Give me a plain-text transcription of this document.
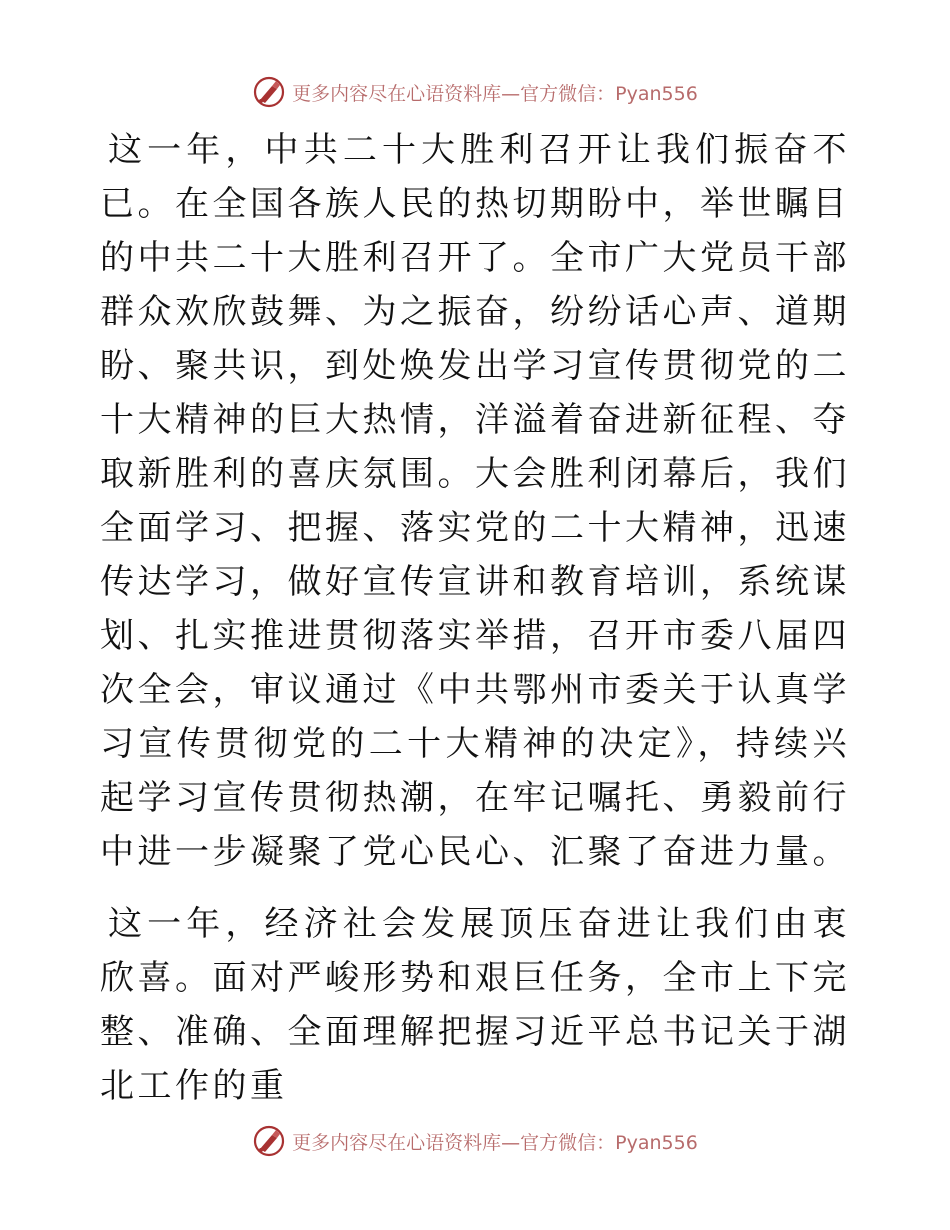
更多内容尽在心语资料库—官方微信：Pyan556

这一年，中共二十大胜利召开让我们振奋不已。在全国各族人民的热切期盼中，举世瞩目的中共二十大胜利召开了。全市广大党员干部群众欢欣鼓舞、为之振奋，纷纷话心声、道期盼、聚共识，到处焕发出学习宣传贯彻党的二十大精神的巨大热情，洋溢着奋进新征程、夺取新胜利的喜庆氛围。大会胜利闭幕后，我们全面学习、把握、落实党的二十大精神，迅速传达学习，做好宣传宣讲和教育培训，系统谋划、扎实推进贯彻落实举措，召开市委八届四次全会，审议通过《中共鄂州市委关于认真学习宣传贯彻党的二十大精神的决定》，持续兴起学习宣传贯彻热潮，在牢记嘱托、勇毅前行中进一步凝聚了党心民心、汇聚了奋进力量。

这一年，经济社会发展顶压奋进让我们由衷欣喜。面对严峻形势和艰巨任务，全市上下完整、准确、全面理解把握习近平总书记关于湖北工作的重

更多内容尽在心语资料库—官方微信：Pyan556
